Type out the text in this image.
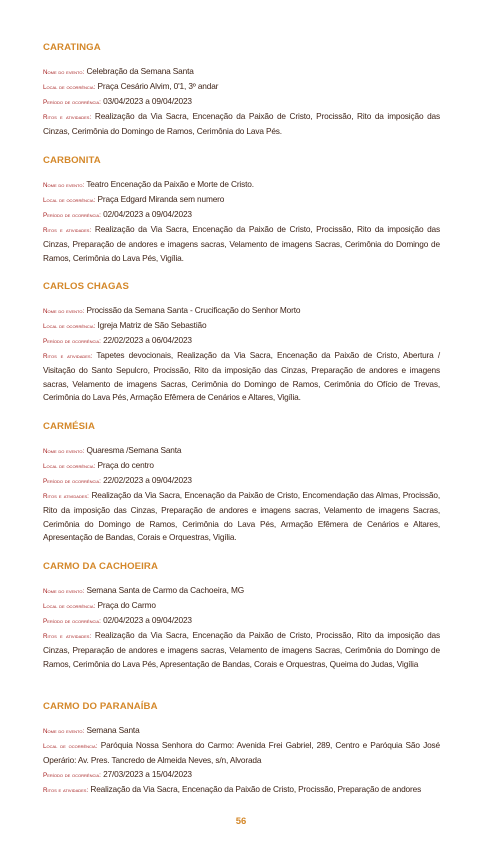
CARATINGA

Nome do evento: Celebração da Semana Santa

Local de ocorrência: Praça Cesário Alvim, 0'1, 3º andar

Período de ocorrência: 03/04/2023 a 09/04/2023

Ritos e atividades: Realização da Via Sacra, Encenação da Paixão de Cristo, Procissão, Rito da imposição das Cinzas, Cerimônia do Domingo de Ramos, Cerimônia do Lava Pés.

CARBONITA

Nome do evento: Teatro Encenação da Paixão e Morte de Cristo.

Local de ocorrência: Praça Edgard Miranda sem numero

Período de ocorrência: 02/04/2023 a 09/04/2023

Ritos e atividades: Realização da Via Sacra, Encenação da Paixão de Cristo, Procissão, Rito da imposição das Cinzas, Preparação de andores e imagens sacras, Velamento de imagens Sacras, Cerimônia do Domingo de Ramos, Cerimônia do Lava Pés, Vigília.

CARLOS CHAGAS

Nome do evento: Procissão da Semana Santa - Crucificação do Senhor Morto

Local de ocorrência: Igreja Matriz de São Sebastião

Período de ocorrência: 22/02/2023 a 06/04/2023

Ritos e atividades: Tapetes devocionais, Realização da Via Sacra, Encenação da Paixão de Cristo, Abertura / Visitação do Santo Sepulcro, Procissão, Rito da imposição das Cinzas, Preparação de andores e imagens sacras, Velamento de imagens Sacras, Cerimônia do Domingo de Ramos, Cerimônia do Ofício de Trevas, Cerimônia do Lava Pés, Armação Efêmera de Cenários e Altares, Vigília.

CARMÉSIA

Nome do evento: Quaresma /Semana Santa

Local de ocorrência: Praça do centro

Período de ocorrência: 22/02/2023 a 09/04/2023

Ritos e atividades: Realização da Via Sacra, Encenação da Paixão de Cristo, Encomendação das Almas, Procissão, Rito da imposição das Cinzas, Preparação de andores e imagens sacras, Velamento de imagens Sacras, Cerimônia do Domingo de Ramos, Cerimônia do Lava Pés, Armação Efêmera de Cenários e Altares, Apresentação de Bandas, Corais e Orquestras, Vigília.

CARMO DA CACHOEIRA

Nome do evento: Semana Santa de Carmo da Cachoeira, MG

Local de ocorrência: Praça do Carmo

Período de ocorrência: 02/04/2023 a 09/04/2023

Ritos e atividades: Realização da Via Sacra, Encenação da Paixão de Cristo, Procissão, Rito da imposição das Cinzas, Preparação de andores e imagens sacras, Velamento de imagens Sacras, Cerimônia do Domingo de Ramos, Cerimônia do Lava Pés, Apresentação de Bandas, Corais e Orquestras, Queima do Judas, Vigília

CARMO DO PARANAÍBA

Nome do evento: Semana Santa

Local de ocorrência: Paróquia Nossa Senhora do Carmo: Avenida Frei Gabriel, 289, Centro e Paróquia São José Operário: Av. Pres. Tancredo de Almeida Neves, s/n, Alvorada

Período de ocorrência: 27/03/2023 a 15/04/2023

Ritos e atividades: Realização da Via Sacra, Encenação da Paixão de Cristo, Procissão, Preparação de andores

56
